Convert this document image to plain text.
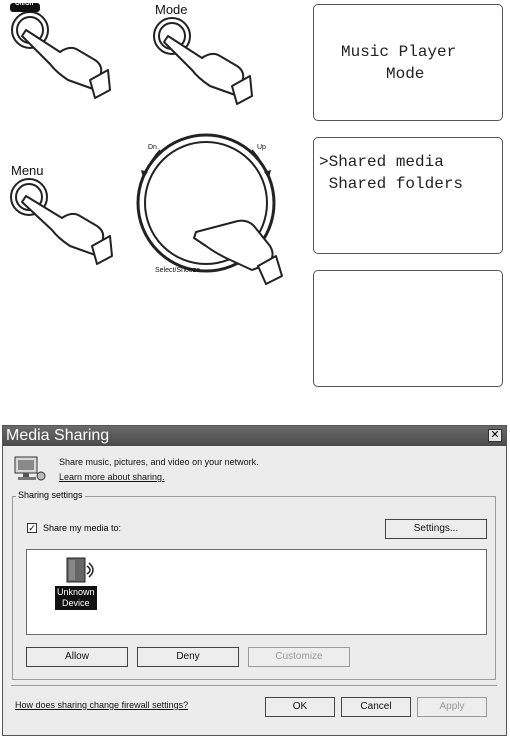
On/Off	Mode
Menu
Dn.	Up
Select/Snooze
Music Player
Mode
>Shared media
Shared folders
Media Sharing	✕
Share music, pictures, and video on your network.
Learn more about sharing.
Sharing settings
✓ Share my media to:	Settings...
Unknown
Device
Allow	Deny	Customize
How does sharing change firewall settings?	OK	Cancel	Apply
